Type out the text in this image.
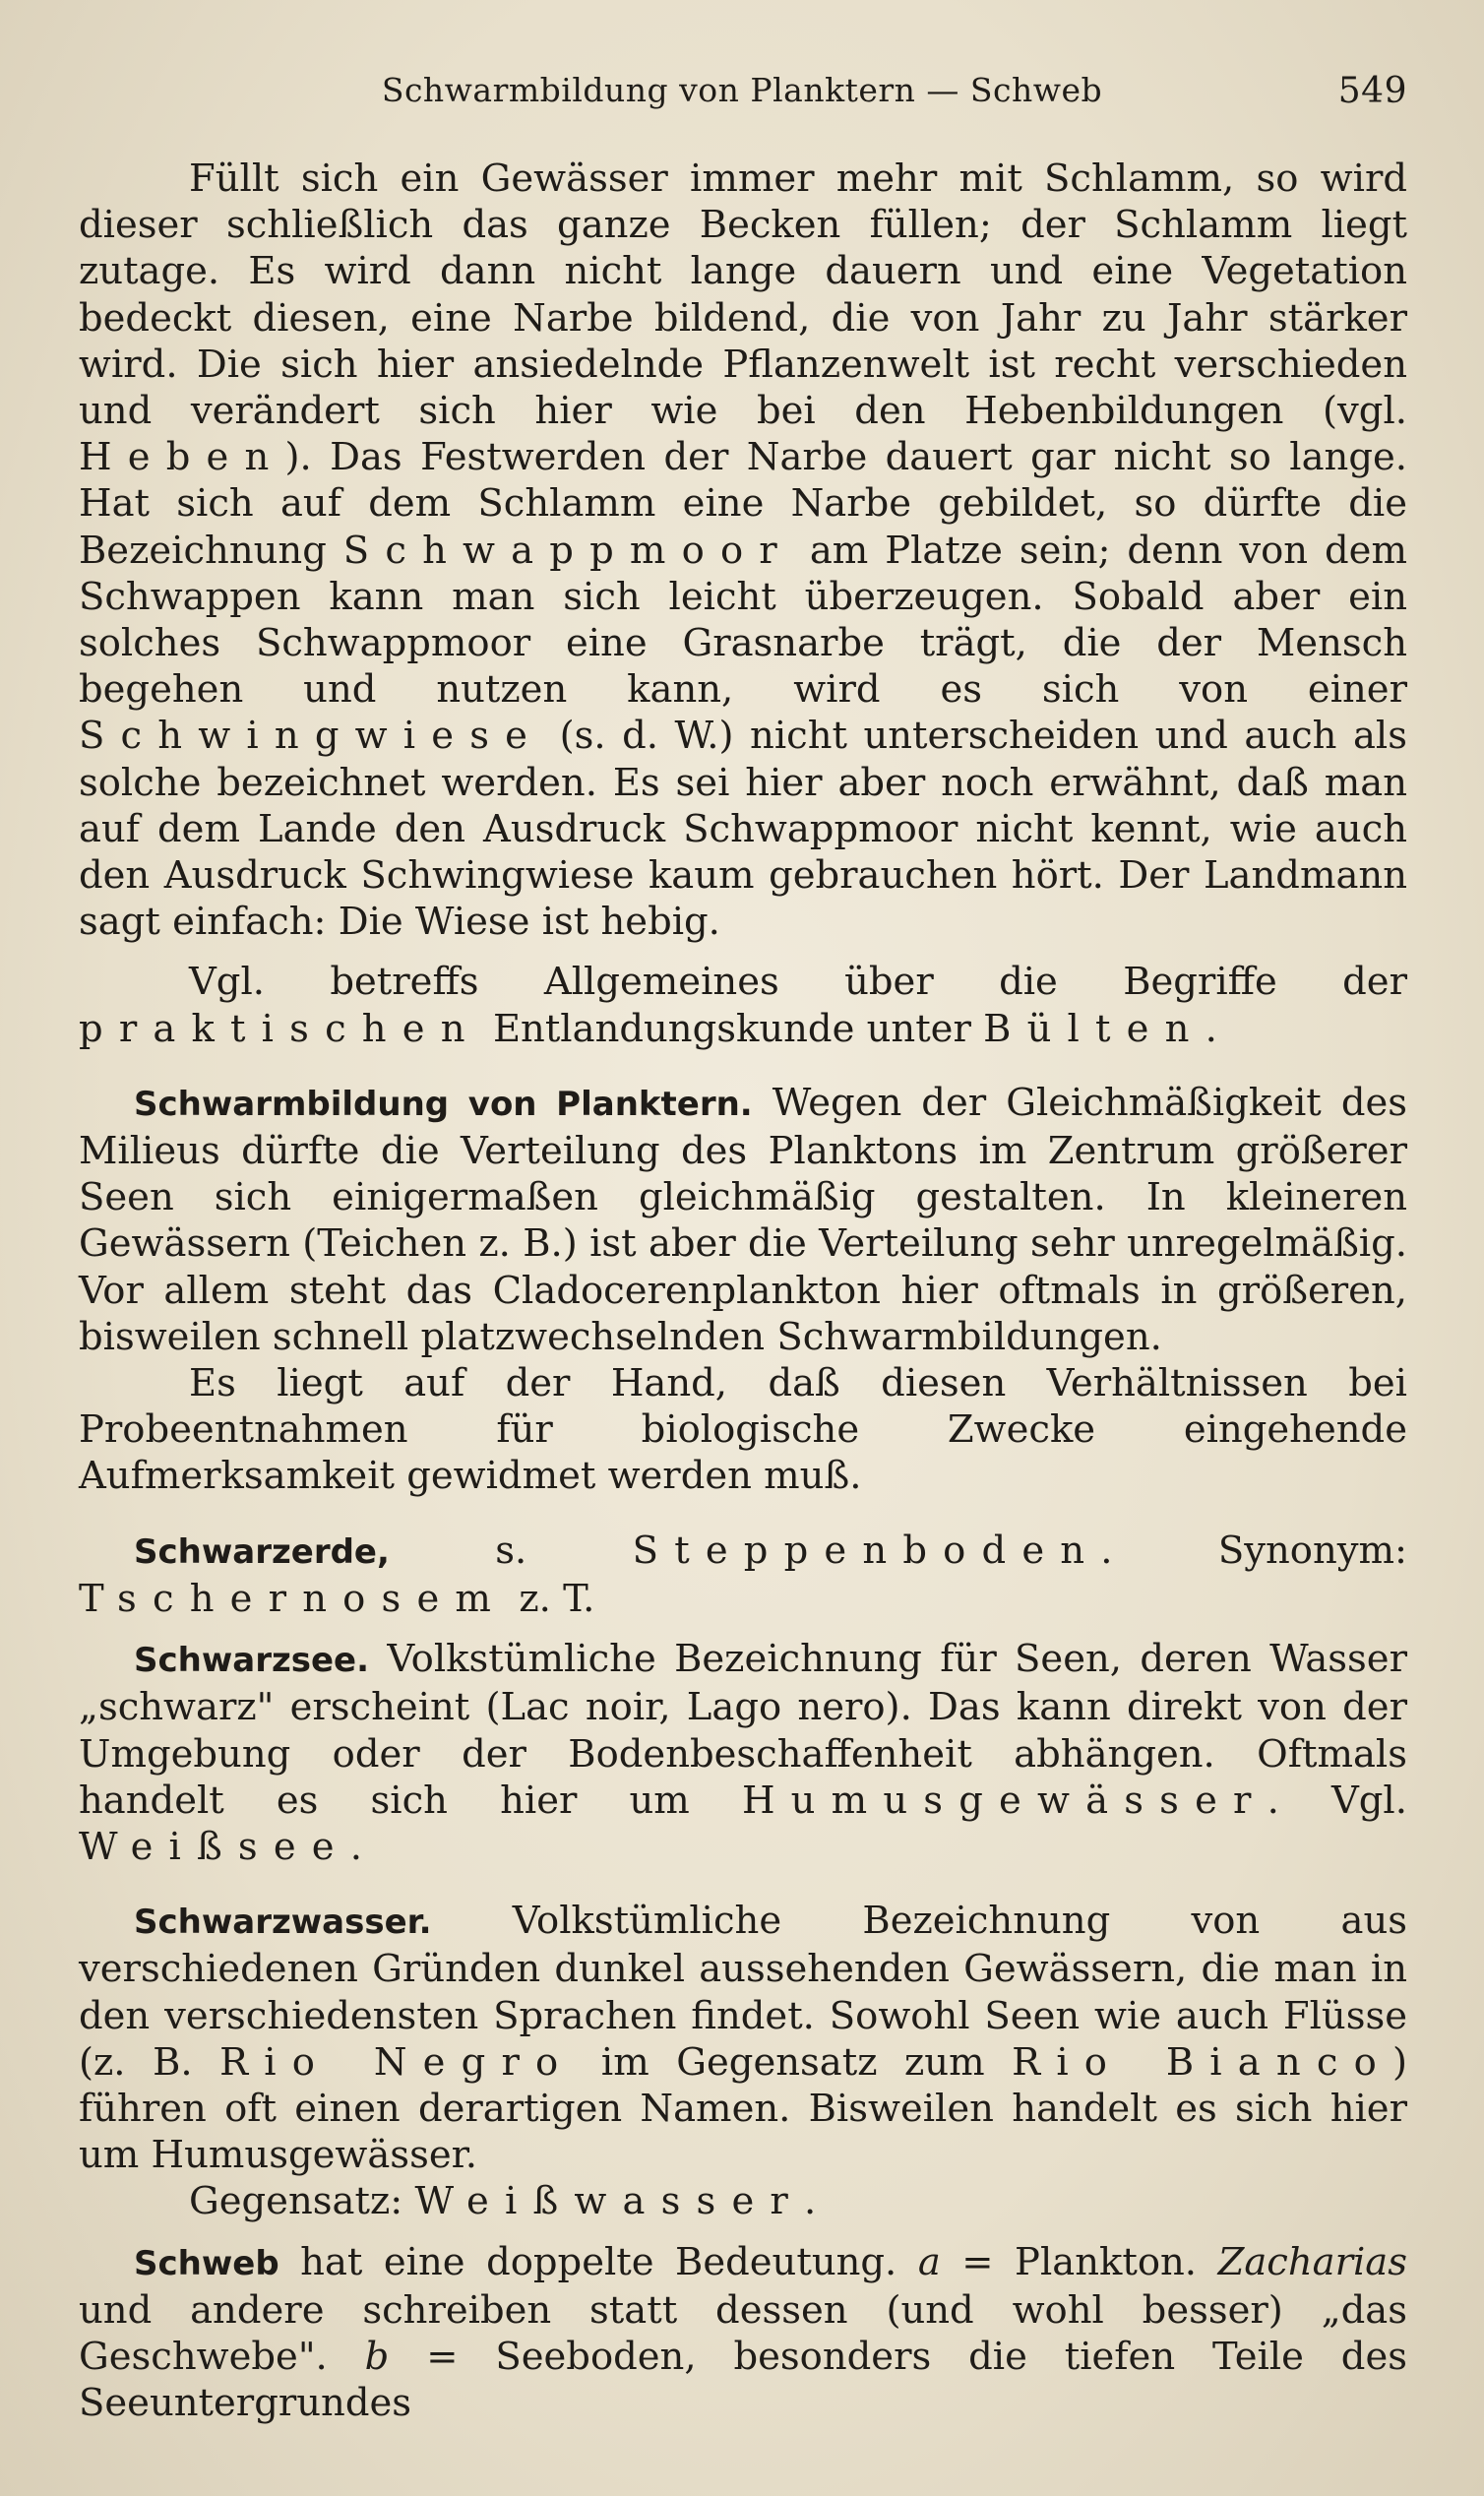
Schwarmbildung von Planktern — Schweb	549

Füllt sich ein Gewässer immer mehr mit Schlamm, so wird dieser schließlich das ganze Becken füllen; der Schlamm liegt zutage. Es wird dann nicht lange dauern und eine Vegetation bedeckt diesen, eine Narbe bildend, die von Jahr zu Jahr stärker wird. Die sich hier ansiedelnde Pflanzenwelt ist recht verschieden und verändert sich hier wie bei den Hebenbildungen (vgl. Heben). Das Festwerden der Narbe dauert gar nicht so lange. Hat sich auf dem Schlamm eine Narbe gebildet, so dürfte die Bezeichnung Schwappmoor am Platze sein; denn von dem Schwappen kann man sich leicht überzeugen. Sobald aber ein solches Schwappmoor eine Grasnarbe trägt, die der Mensch begehen und nutzen kann, wird es sich von einer Schwingwiese (s. d. W.) nicht unterscheiden und auch als solche bezeichnet werden. Es sei hier aber noch erwähnt, daß man auf dem Lande den Ausdruck Schwappmoor nicht kennt, wie auch den Ausdruck Schwingwiese kaum gebrauchen hört. Der Landmann sagt einfach: Die Wiese ist hebig.

Vgl. betreffs Allgemeines über die Begriffe der praktischen Entlandungskunde unter Bülten.

Schwarmbildung von Planktern. Wegen der Gleichmäßigkeit des Milieus dürfte die Verteilung des Planktons im Zentrum größerer Seen sich einigermaßen gleichmäßig gestalten. In kleineren Gewässern (Teichen z. B.) ist aber die Verteilung sehr unregelmäßig. Vor allem steht das Cladocerenplankton hier oftmals in größeren, bisweilen schnell platzwechselnden Schwarmbildungen.

Es liegt auf der Hand, daß diesen Verhältnissen bei Probeentnahmen für biologische Zwecke eingehende Aufmerksamkeit gewidmet werden muß.

Schwarzerde,	s.	Steppenboden. Synonym: Tschernosem z. T.

Schwarzsee. Volkstümliche Bezeichnung für Seen, deren Wasser „schwarz" erscheint (Lac noir, Lago nero). Das kann direkt von der Umgebung oder der Bodenbeschaffenheit abhängen. Oftmals handelt es sich hier um Humusgewässer. Vgl. Weißsee.

Schwarzwasser. Volkstümliche Bezeichnung von aus verschiedenen Gründen dunkel aussehenden Gewässern, die man in den verschiedensten Sprachen findet. Sowohl Seen wie auch Flüsse (z. B. Rio Negro im Gegensatz zum Rio Bianco) führen oft einen derartigen Namen. Bisweilen handelt es sich hier um Humusgewässer.

Gegensatz: Weißwasser.

Schweb hat eine doppelte Bedeutung. a = Plankton. Zacharias und andere schreiben statt dessen (und wohl besser) „das Geschwebe". b = Seeboden, besonders die tiefen Teile des Seeuntergrundes
